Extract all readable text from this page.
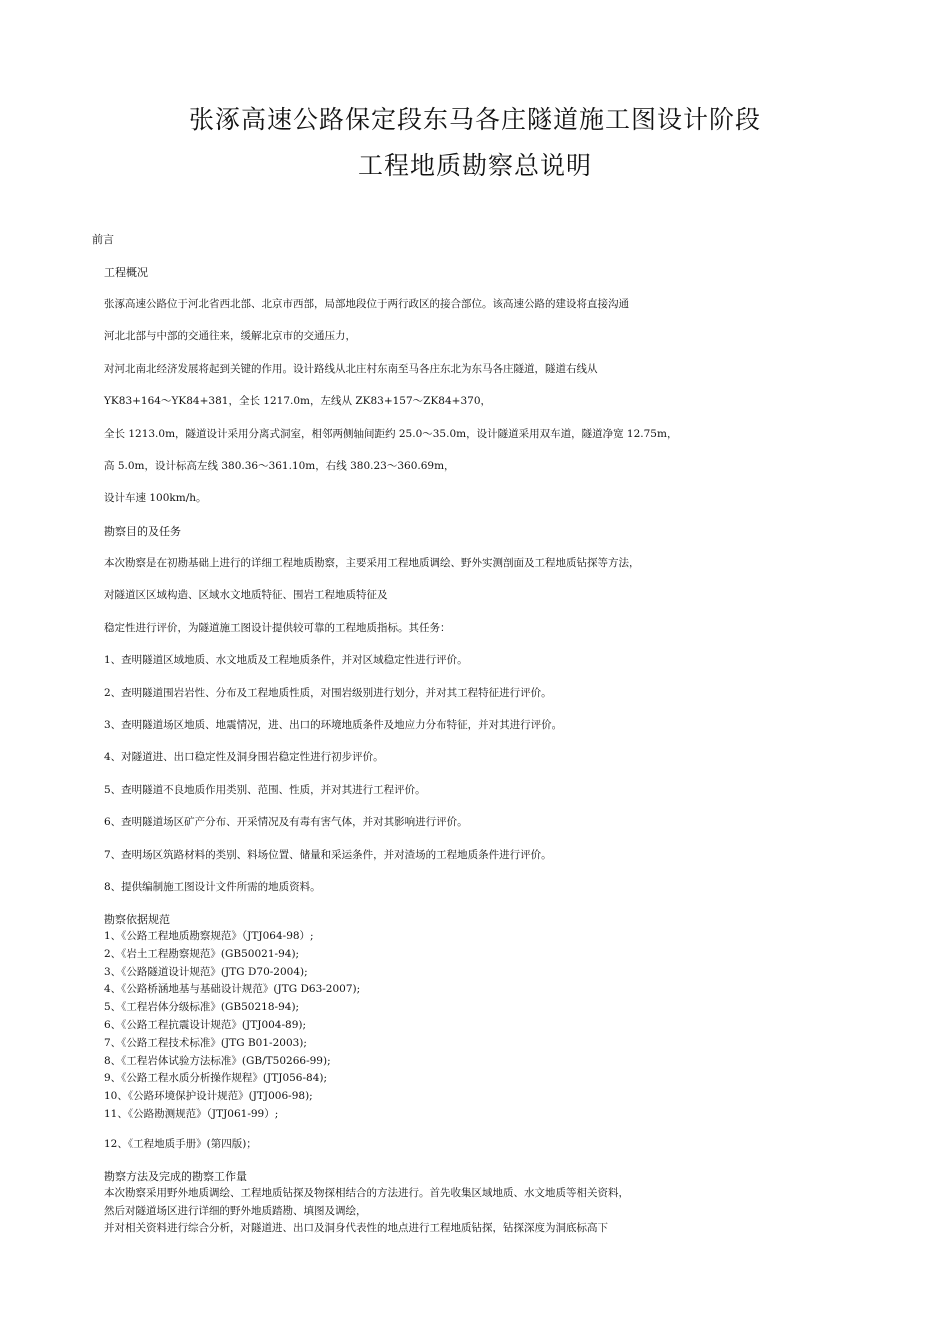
张涿高速公路保定段东马各庄隧道施工图设计阶段
工程地质勘察总说明
前言
工程概况
张涿高速公路位于河北省西北部、北京市西部，局部地段位于两行政区的接合部位。该高速公路的建设将直接沟通
河北北部与中部的交通往来，缓解北京市的交通压力，
对河北南北经济发展将起到关键的作用。设计路线从北庄村东南至马各庄东北为东马各庄隧道，隧道右线从
YK83+164～YK84+381，全长 1217.0m，左线从 ZK83+157～ZK84+370，
全长 1213.0m，隧道设计采用分离式洞室，相邻两侧轴间距约 25.0～35.0m，设计隧道采用双车道，隧道净宽 12.75m，
高 5.0m，设计标高左线 380.36～361.10m，右线 380.23～360.69m，
设计车速 100km/h。
勘察目的及任务
本次勘察是在初勘基础上进行的详细工程地质勘察，主要采用工程地质调绘、野外实测剖面及工程地质钻探等方法，
对隧道区区域构造、区域水文地质特征、围岩工程地质特征及
稳定性进行评价，为隧道施工图设计提供较可靠的工程地质指标。其任务：
1、查明隧道区域地质、水文地质及工程地质条件，并对区域稳定性进行评价。
2、查明隧道围岩岩性、分布及工程地质性质，对围岩级别进行划分，并对其工程特征进行评价。
3、查明隧道场区地质、地震情况，进、出口的环境地质条件及地应力分布特征，并对其进行评价。
4、对隧道进、出口稳定性及洞身围岩稳定性进行初步评价。
5、查明隧道不良地质作用类别、范围、性质，并对其进行工程评价。
6、查明隧道场区矿产分布、开采情况及有毒有害气体，并对其影响进行评价。
7、查明场区筑路材料的类别、料场位置、储量和采运条件，并对渣场的工程地质条件进行评价。
8、提供编制施工图设计文件所需的地质资料。
勘察依据规范
1、《公路工程地质勘察规范》（JTJ064-98）;
2、《岩土工程勘察规范》(GB50021-94);
3、《公路隧道设计规范》(JTG D70-2004);
4、《公路桥涵地基与基础设计规范》(JTG D63-2007);
5、《工程岩体分级标准》(GB50218-94);
6、《公路工程抗震设计规范》(JTJ004-89);
7、《公路工程技术标准》(JTG B01-2003);
8、《工程岩体试验方法标准》(GB/T50266-99);
9、《公路工程水质分析操作规程》(JTJ056-84);
10、《公路环境保护设计规范》(JTJ006-98);
11、《公路勘测规范》（JTJ061-99）;
12、《工程地质手册》(第四版)；
勘察方法及完成的勘察工作量
本次勘察采用野外地质调绘、工程地质钻探及物探相结合的方法进行。首先收集区域地质、水文地质等相关资料，
然后对隧道场区进行详细的野外地质踏勘、填图及调绘，
并对相关资料进行综合分析，对隧道进、出口及洞身代表性的地点进行工程地质钻探，钻探深度为洞底标高下
